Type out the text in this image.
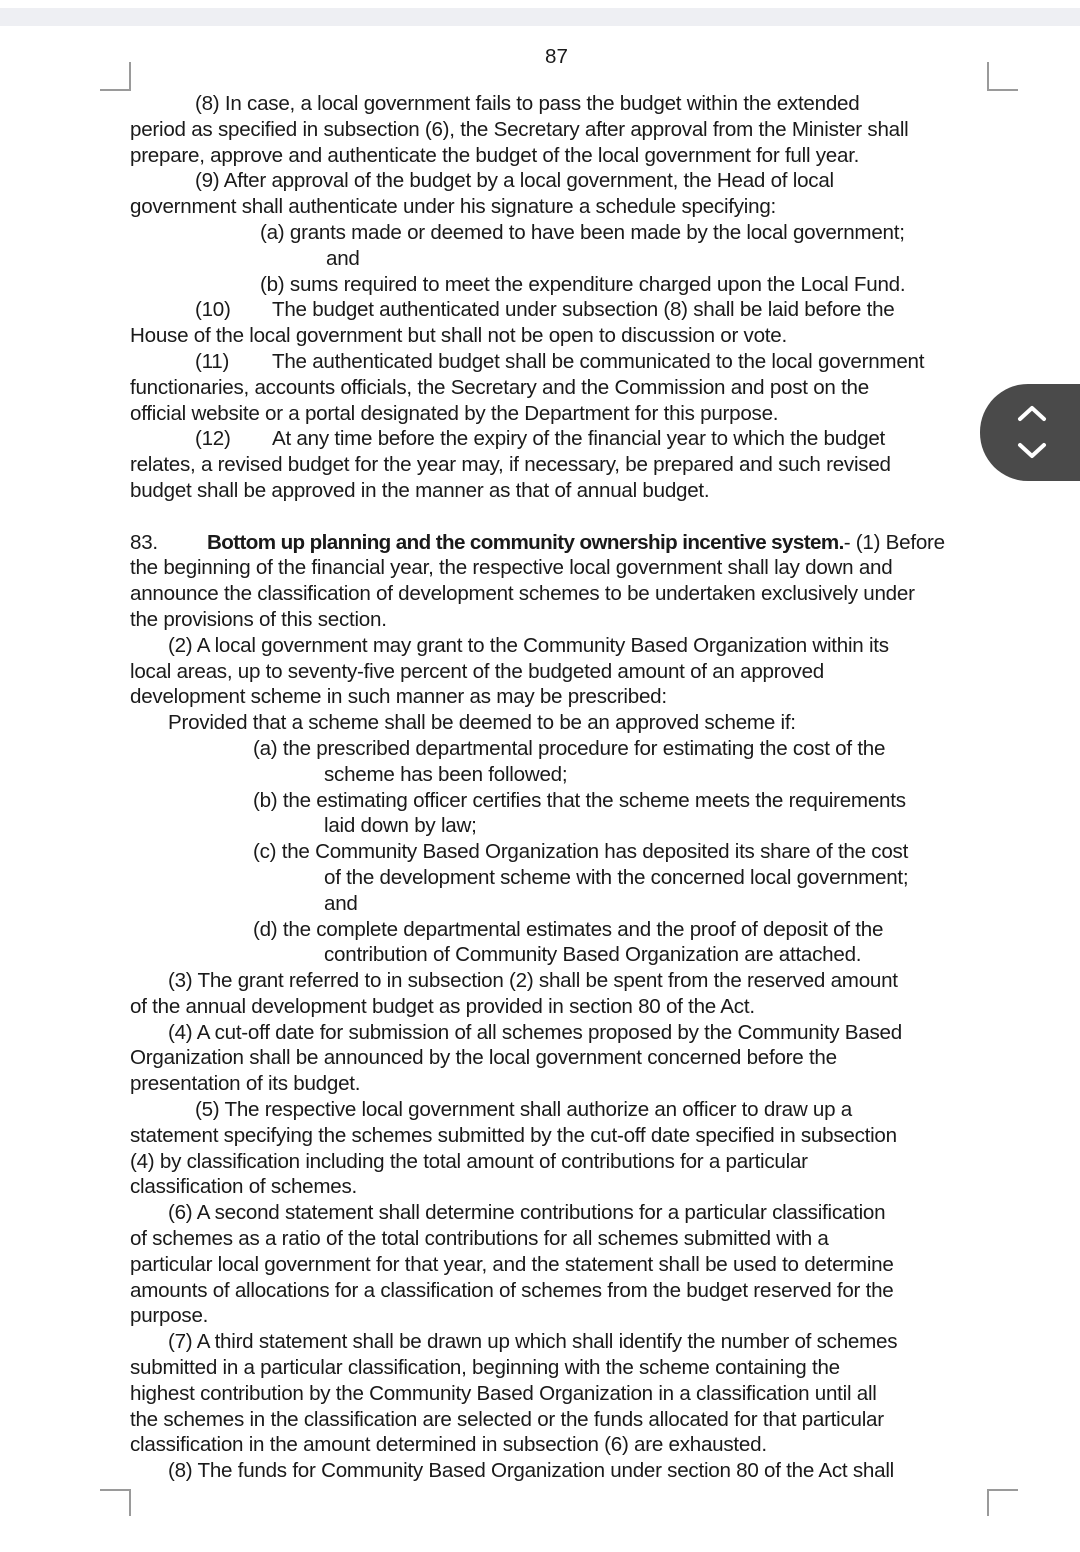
87
(8) In case, a local government fails to pass the budget within the extended
period as specified in subsection (6), the Secretary after approval from the Minister shall
prepare, approve and authenticate the budget of the local government for full year.
(9) After approval of the budget by a local government, the Head of local
government shall authenticate under his signature a schedule specifying:
(a) grants made or deemed to have been made by the local government;
and
(b) sums required to meet the expenditure charged upon the Local Fund.
(10) The budget authenticated under subsection (8) shall be laid before the
House of the local government but shall not be open to discussion or vote.
(11) The authenticated budget shall be communicated to the local government
functionaries, accounts officials, the Secretary and the Commission and post on the
official website or a portal designated by the Department for this purpose.
(12) At any time before the expiry of the financial year to which the budget
relates, a revised budget for the year may, if necessary, be prepared and such revised
budget shall be approved in the manner as that of annual budget.
83. Bottom up planning and the community ownership incentive system.- (1) Before
the beginning of the financial year, the respective local government shall lay down and
announce the classification of development schemes to be undertaken exclusively under
the provisions of this section.
(2) A local government may grant to the Community Based Organization within its
local areas, up to seventy-five percent of the budgeted amount of an approved
development scheme in such manner as may be prescribed:
Provided that a scheme shall be deemed to be an approved scheme if:
(a) the prescribed departmental procedure for estimating the cost of the
scheme has been followed;
(b) the estimating officer certifies that the scheme meets the requirements
laid down by law;
(c) the Community Based Organization has deposited its share of the cost
of the development scheme with the concerned local government;
and
(d) the complete departmental estimates and the proof of deposit of the
contribution of Community Based Organization are attached.
(3) The grant referred to in subsection (2) shall be spent from the reserved amount
of the annual development budget as provided in section 80 of the Act.
(4) A cut-off date for submission of all schemes proposed by the Community Based
Organization shall be announced by the local government concerned before the
presentation of its budget.
(5) The respective local government shall authorize an officer to draw up a
statement specifying the schemes submitted by the cut-off date specified in subsection
(4) by classification including the total amount of contributions for a particular
classification of schemes.
(6) A second statement shall determine contributions for a particular classification
of schemes as a ratio of the total contributions for all schemes submitted with a
particular local government for that year, and the statement shall be used to determine
amounts of allocations for a classification of schemes from the budget reserved for the
purpose.
(7) A third statement shall be drawn up which shall identify the number of schemes
submitted in a particular classification, beginning with the scheme containing the
highest contribution by the Community Based Organization in a classification until all
the schemes in the classification are selected or the funds allocated for that particular
classification in the amount determined in subsection (6) are exhausted.
(8) The funds for Community Based Organization under section 80 of the Act shall
